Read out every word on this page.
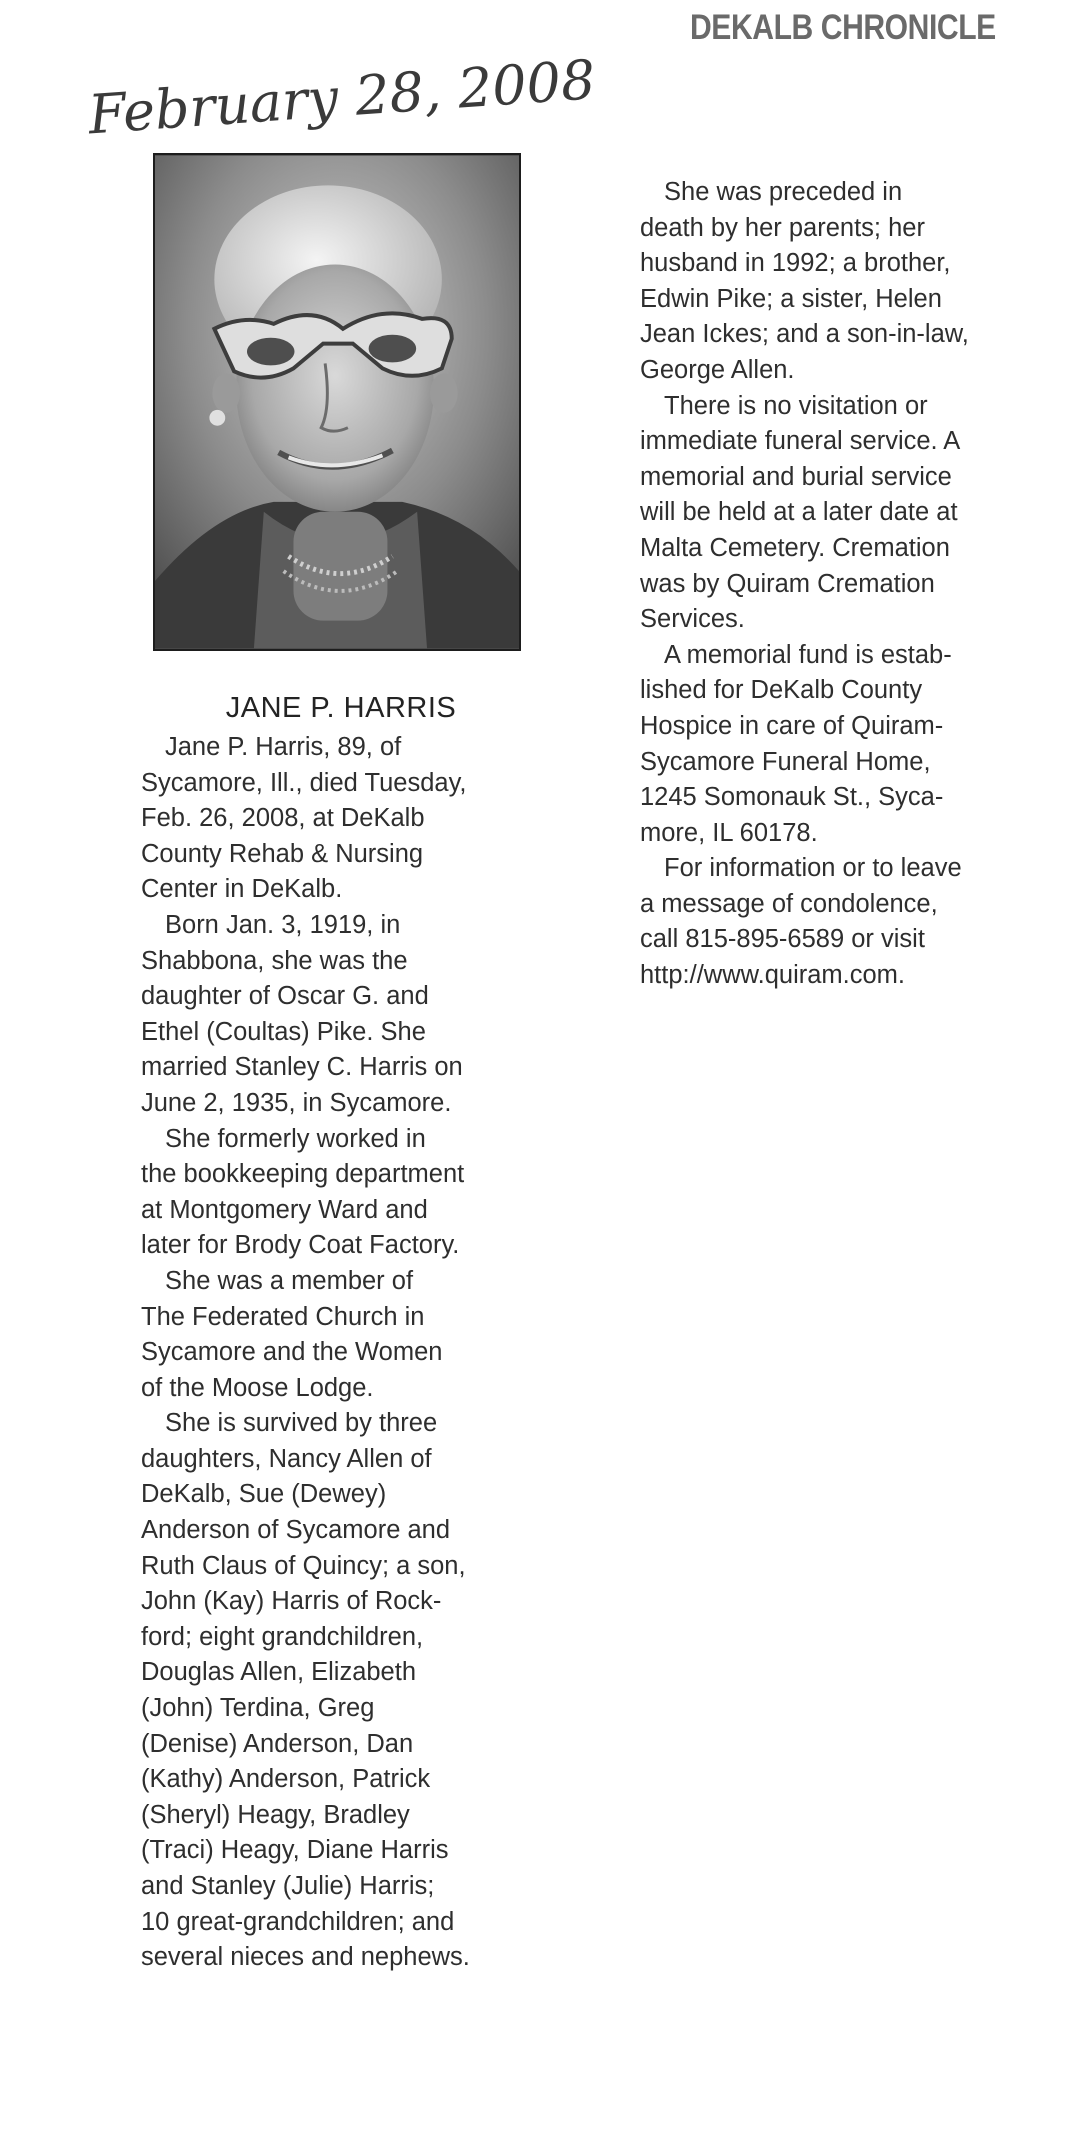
DEKALB CHRONICLE
February 28, 2008
JANE P. HARRIS

Jane P. Harris, 89, of
Sycamore, Ill., died Tuesday,
Feb. 26, 2008, at DeKalb
County Rehab & Nursing
Center in DeKalb.

Born Jan. 3, 1919, in
Shabbona, she was the
daughter of Oscar G. and
Ethel (Coultas) Pike. She
married Stanley C. Harris on
June 2, 1935, in Sycamore.

She formerly worked in
the bookkeeping department
at Montgomery Ward and
later for Brody Coat Factory.

She was a member of
The Federated Church in
Sycamore and the Women
of the Moose Lodge.

She is survived by three
daughters, Nancy Allen of
DeKalb, Sue (Dewey)
Anderson of Sycamore and
Ruth Claus of Quincy; a son,
John (Kay) Harris of Rock-
ford; eight grandchildren,
Douglas Allen, Elizabeth
(John) Terdina, Greg
(Denise) Anderson, Dan
(Kathy) Anderson, Patrick
(Sheryl) Heagy, Bradley
(Traci) Heagy, Diane Harris
and Stanley (Julie) Harris;
10 great-grandchildren; and
several nieces and nephews.

She was preceded in
death by her parents; her
husband in 1992; a brother,
Edwin Pike; a sister, Helen
Jean Ickes; and a son-in-law,
George Allen.

There is no visitation or
immediate funeral service. A
memorial and burial service
will be held at a later date at
Malta Cemetery. Cremation
was by Quiram Cremation
Services.

A memorial fund is estab-
lished for DeKalb County
Hospice in care of Quiram-
Sycamore Funeral Home,
1245 Somonauk St., Syca-
more, IL 60178.

For information or to leave
a message of condolence,
call 815-895-6589 or visit
http://www.quiram.com.
